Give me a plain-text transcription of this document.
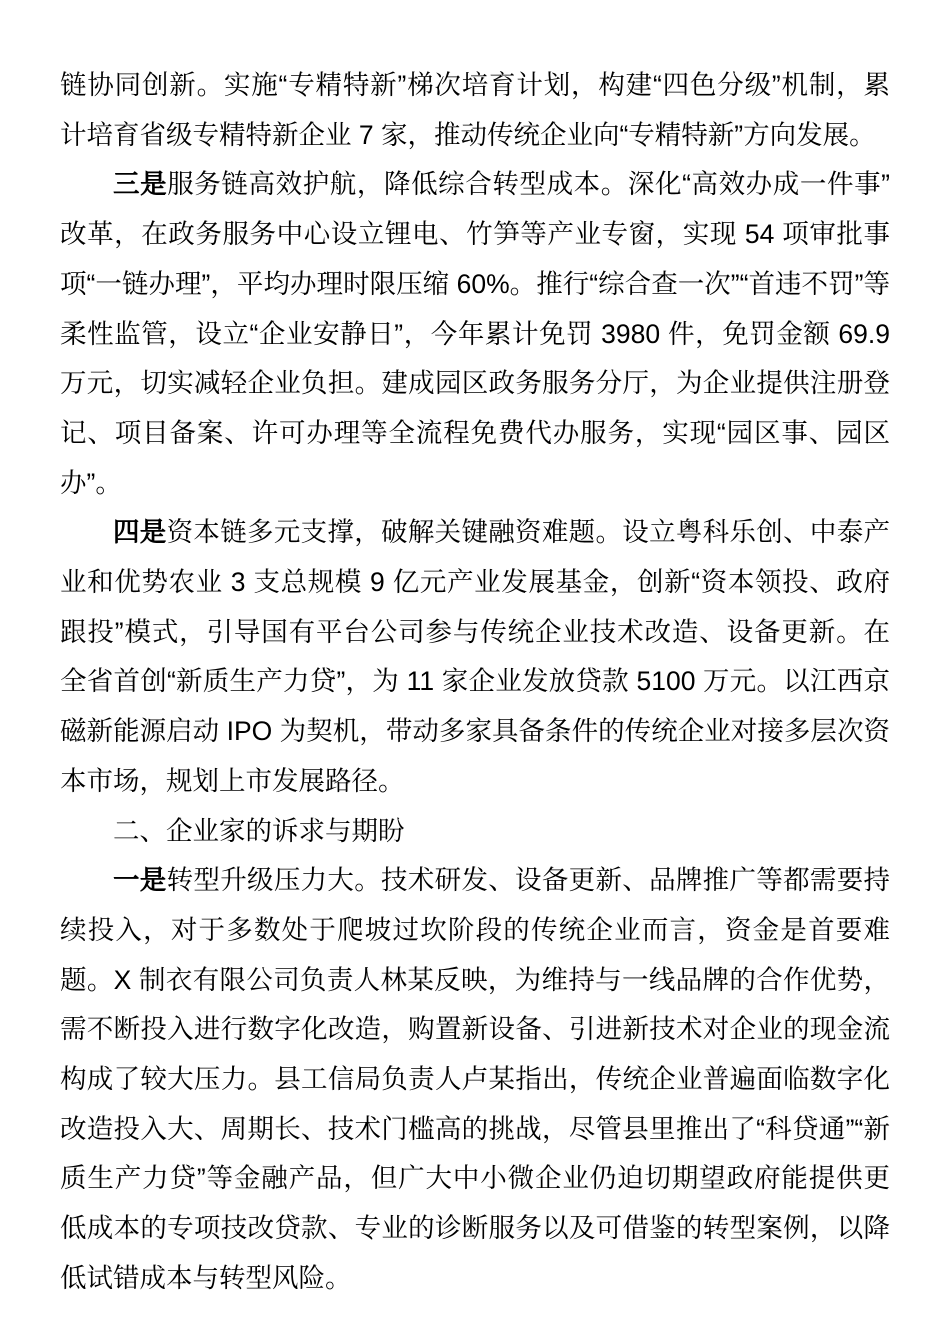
链协同创新。实施“专精特新”梯次培育计划，构建“四色分级”机制，累计培育省级专精特新企业 7 家，推动传统企业向“专精特新”方向发展。

三是服务链高效护航，降低综合转型成本。深化“高效办成一件事”改革，在政务服务中心设立锂电、竹笋等产业专窗，实现 54 项审批事项“一链办理”，平均办理时限压缩 60%。推行“综合查一次”“首违不罚”等柔性监管，设立“企业安静日”，今年累计免罚 3980 件，免罚金额 69.9 万元，切实减轻企业负担。建成园区政务服务分厅，为企业提供注册登记、项目备案、许可办理等全流程免费代办服务，实现“园区事、园区办”。

四是资本链多元支撑，破解关键融资难题。设立粤科乐创、中泰产业和优势农业 3 支总规模 9 亿元产业发展基金，创新“资本领投、政府跟投”模式，引导国有平台公司参与传统企业技术改造、设备更新。在全省首创“新质生产力贷”，为 11 家企业发放贷款 5100 万元。以江西京磁新能源启动 IPO 为契机，带动多家具备条件的传统企业对接多层次资本市场，规划上市发展路径。

二、企业家的诉求与期盼

一是转型升级压力大。技术研发、设备更新、品牌推广等都需要持续投入，对于多数处于爬坡过坎阶段的传统企业而言，资金是首要难题。X 制衣有限公司负责人林某反映，为维持与一线品牌的合作优势，需不断投入进行数字化改造，购置新设备、引进新技术对企业的现金流构成了较大压力。县工信局负责人卢某指出，传统企业普遍面临数字化改造投入大、周期长、技术门槛高的挑战，尽管县里推出了“科贷通”“新质生产力贷”等金融产品，但广大中小微企业仍迫切期望政府能提供更低成本的专项技改贷款、专业的诊断服务以及可借鉴的转型案例，以降低试错成本与转型风险。
